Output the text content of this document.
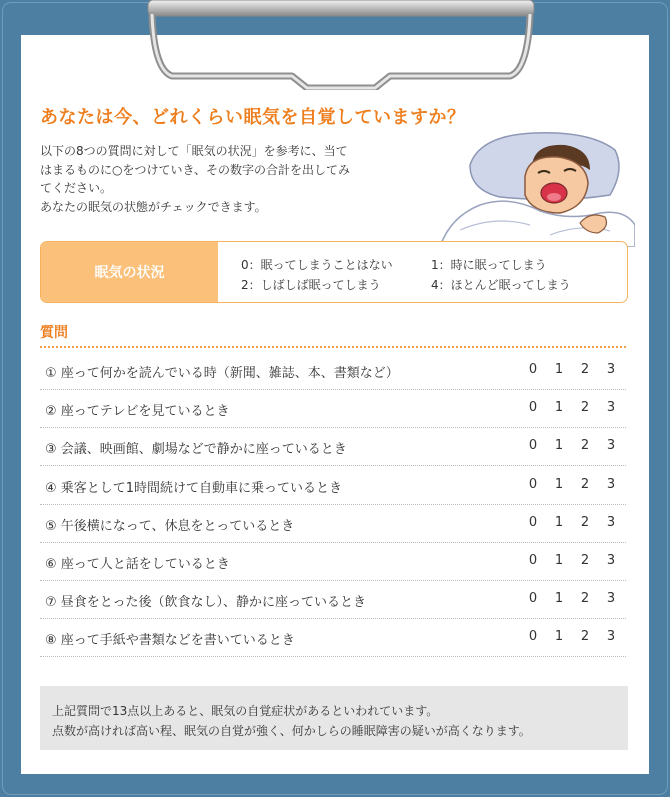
あなたは今、どれくらい眠気を自覚していますか？
以下の8つの質問に対して「眠気の状況」を参考に、当て
はまるものに○をつけていき、その数字の合計を出してみ
てください。
あなたの眠気の状態がチェックできます。
眠気の状況	0：眠ってしまうことはない	1：時に眠ってしまう
2：しばしば眠ってしまう	4：ほとんど眠ってしまう
質問
① 座って何かを読んでいる時（新聞、雑誌、本、書類など）	0 1 2 3
② 座ってテレビを見ているとき	0 1 2 3
③ 会議、映画館、劇場などで静かに座っているとき	0 1 2 3
④ 乗客として1時間続けて自動車に乗っているとき	0 1 2 3
⑤ 午後横になって、休息をとっているとき	0 1 2 3
⑥ 座って人と話をしているとき	0 1 2 3
⑦ 昼食をとった後（飲食なし）、静かに座っているとき	0 1 2 3
⑧ 座って手紙や書類などを書いているとき	0 1 2 3
上記質問で13点以上あると、眠気の自覚症状があるといわれています。
点数が高ければ高い程、眠気の自覚が強く、何かしらの睡眠障害の疑いが高くなります。
